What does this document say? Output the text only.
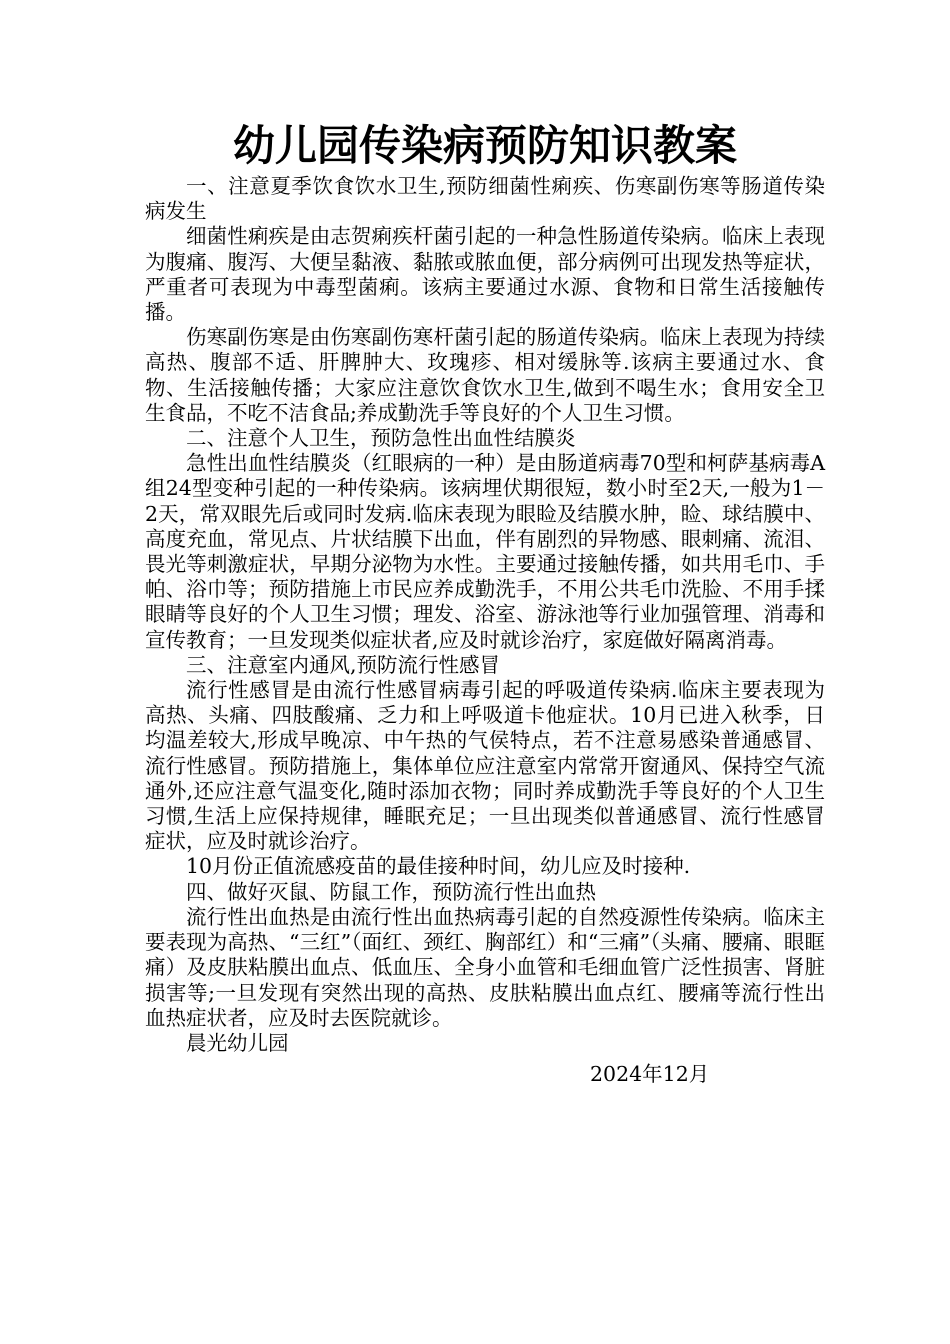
幼儿园传染病预防知识教案

一、注意夏季饮食饮水卫生,预防细菌性痢疾、伤寒副伤寒等肠道传染病发生

细菌性痢疾是由志贺痢疾杆菌引起的一种急性肠道传染病。临床上表现为腹痛、腹泻、大便呈黏液、黏脓或脓血便，部分病例可出现发热等症状，严重者可表现为中毒型菌痢。该病主要通过水源、食物和日常生活接触传播。

伤寒副伤寒是由伤寒副伤寒杆菌引起的肠道传染病。临床上表现为持续高热、腹部不适、肝脾肿大、玫瑰疹、相对缓脉等.该病主要通过水、食物、生活接触传播；大家应注意饮食饮水卫生,做到不喝生水；食用安全卫生食品，不吃不洁食品;养成勤洗手等良好的个人卫生习惯。

二、注意个人卫生，预防急性出血性结膜炎

急性出血性结膜炎（红眼病的一种）是由肠道病毒70型和柯萨基病毒A组24型变种引起的一种传染病。该病埋伏期很短，数小时至2天,一般为1－2天，常双眼先后或同时发病.临床表现为眼睑及结膜水肿，睑、球结膜中、高度充血，常见点、片状结膜下出血，伴有剧烈的异物感、眼刺痛、流泪、畏光等刺激症状，早期分泌物为水性。主要通过接触传播，如共用毛巾、手帕、浴巾等；预防措施上市民应养成勤洗手，不用公共毛巾洗脸、不用手揉眼睛等良好的个人卫生习惯；理发、浴室、游泳池等行业加强管理、消毒和宣传教育；一旦发现类似症状者,应及时就诊治疗，家庭做好隔离消毒。

三、注意室内通风,预防流行性感冒

流行性感冒是由流行性感冒病毒引起的呼吸道传染病.临床主要表现为高热、头痛、四肢酸痛、乏力和上呼吸道卡他症状。10月已进入秋季，日均温差较大,形成早晚凉、中午热的气侯特点，若不注意易感染普通感冒、流行性感冒。预防措施上，集体单位应注意室内常常开窗通风、保持空气流通外,还应注意气温变化,随时添加衣物；同时养成勤洗手等良好的个人卫生习惯,生活上应保持规律，睡眠充足；一旦出现类似普通感冒、流行性感冒症状，应及时就诊治疗。

10月份正值流感疫苗的最佳接种时间，幼儿应及时接种.

四、做好灭鼠、防鼠工作，预防流行性出血热

流行性出血热是由流行性出血热病毒引起的自然疫源性传染病。临床主要表现为高热、“三红”（面红、颈红、胸部红）和“三痛”（头痛、腰痛、眼眶痛）及皮肤粘膜出血点、低血压、全身小血管和毛细血管广泛性损害、肾脏损害等;一旦发现有突然出现的高热、皮肤粘膜出血点红、腰痛等流行性出血热症状者，应及时去医院就诊。

晨光幼儿园

2024年12月
